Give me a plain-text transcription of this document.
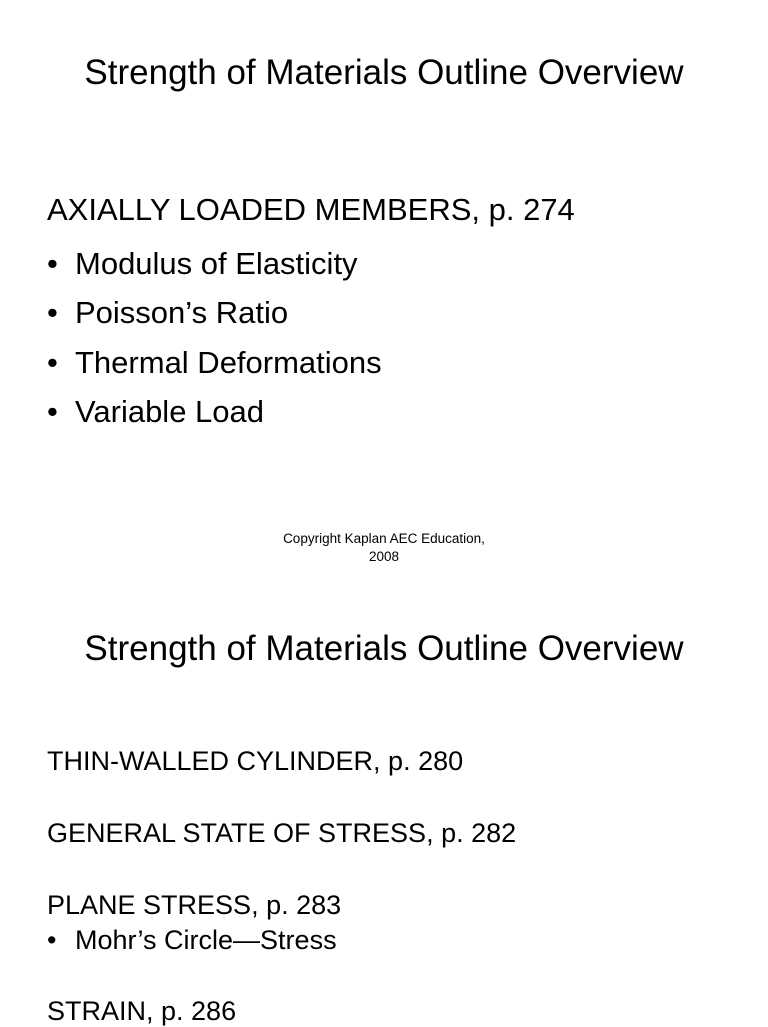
Strength of Materials Outline Overview
AXIALLY LOADED MEMBERS, p. 274
• Modulus of Elasticity
• Poisson’s Ratio
• Thermal Deformations
• Variable Load
Copyright Kaplan AEC Education,
2008
Strength of Materials Outline Overview
THIN-WALLED CYLINDER, p. 280
GENERAL STATE OF STRESS, p. 282
PLANE STRESS, p. 283
• Mohr’s Circle—Stress
STRAIN, p. 286
